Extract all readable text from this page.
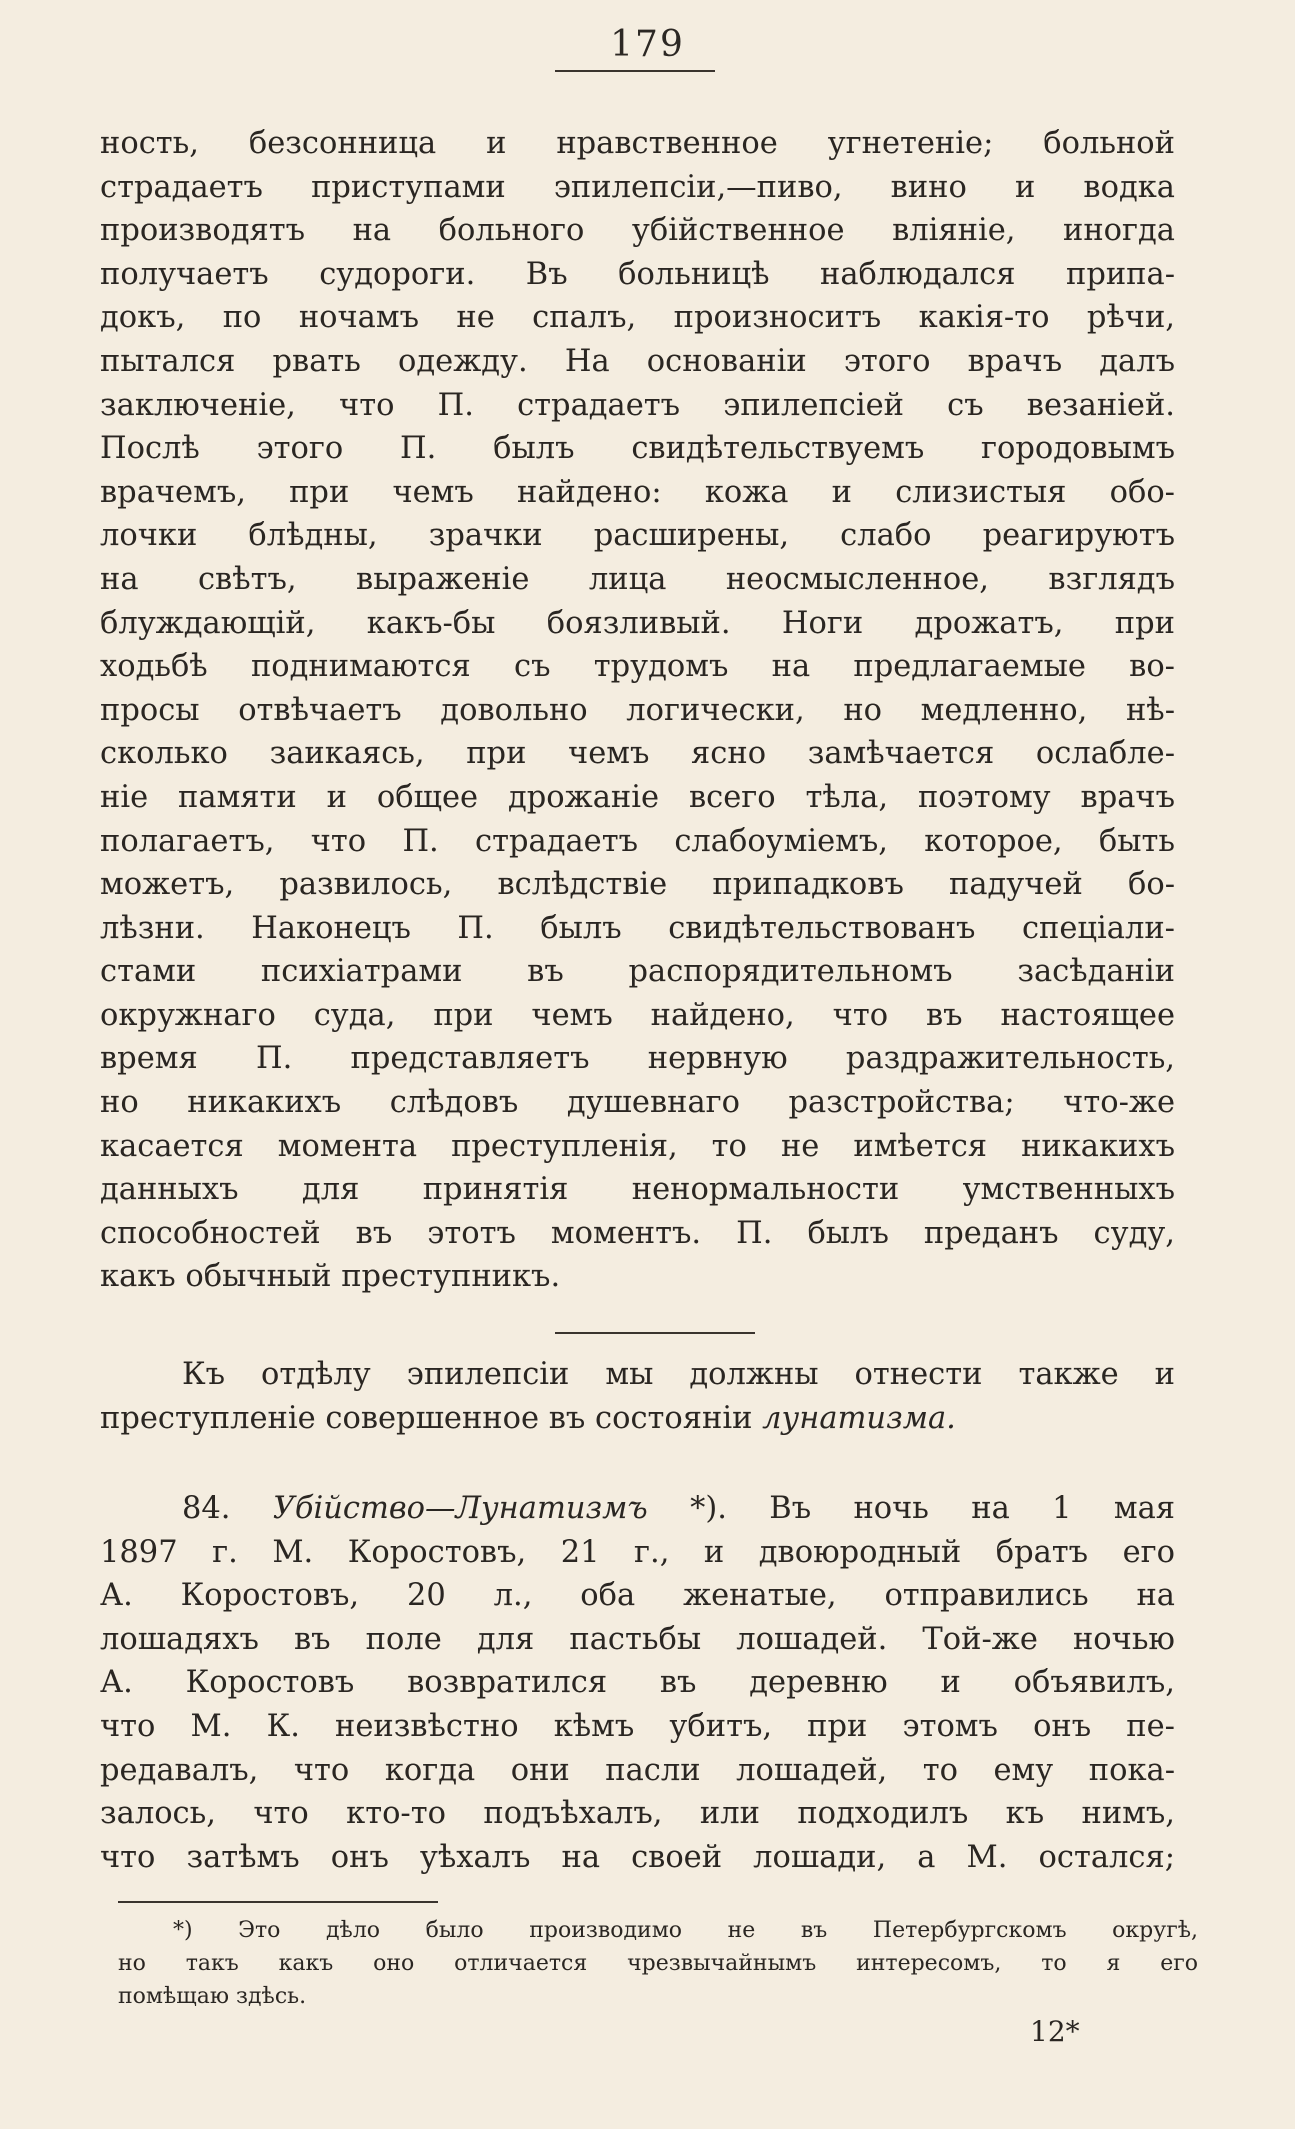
179
ность, безсонница и нравственное угнетеніе; больной
страдаетъ приступами эпилепсіи,—пиво, вино и водка
производятъ на больного убійственное вліяніе, иногда
получаетъ судороги. Въ больницѣ наблюдался припа-
докъ, по ночамъ не спалъ, произноситъ какія-то рѣчи,
пытался рвать одежду. На основаніи этого врачъ далъ
заключеніе, что П. страдаетъ эпилепсіей съ везаніей.
Послѣ этого П. былъ свидѣтельствуемъ городовымъ
врачемъ, при чемъ найдено: кожа и слизистыя обо-
лочки блѣдны, зрачки расширены, слабо реагируютъ
на свѣтъ, выраженіе лица неосмысленное, взглядъ
блуждающій, какъ-бы боязливый. Ноги дрожатъ, при
ходьбѣ поднимаются съ трудомъ на предлагаемые во-
просы отвѣчаетъ довольно логически, но медленно, нѣ-
сколько заикаясь, при чемъ ясно замѣчается ослабле-
ніе памяти и общее дрожаніе всего тѣла, поэтому врачъ
полагаетъ, что П. страдаетъ слабоуміемъ, которое, быть
можетъ, развилось, вслѣдствіе припадковъ падучей бо-
лѣзни. Наконецъ П. былъ свидѣтельствованъ спеціали-
стами психіатрами въ распорядительномъ засѣданіи
окружнаго суда, при чемъ найдено, что въ настоящее
время П. представляетъ нервную раздражительность,
но никакихъ слѣдовъ душевнаго разстройства; что-же
касается момента преступленія, то не имѣется никакихъ
данныхъ для принятія ненормальности умственныхъ
способностей въ этотъ моментъ. П. былъ преданъ суду,
какъ обычный преступникъ.
Къ отдѣлу эпилепсіи мы должны отнести также и
преступленіе совершенное въ состояніи лунатизма.
84. Убійство—Лунатизмъ *). Въ ночь на 1 мая
1897 г. М. Коростовъ, 21 г., и двоюродный братъ его
А. Коростовъ, 20 л., оба женатые, отправились на
лошадяхъ въ поле для пастьбы лошадей. Той-же ночью
А. Коростовъ возвратился въ деревню и объявилъ,
что М. К. неизвѣстно кѣмъ убитъ, при этомъ онъ пе-
редавалъ, что когда они пасли лошадей, то ему пока-
залось, что кто-то подъѣхалъ, или подходилъ къ нимъ,
что затѣмъ онъ уѣхалъ на своей лошади, а М. остался;
*) Это дѣло было производимо не въ Петербургскомъ округѣ,
но такъ какъ оно отличается чрезвычайнымъ интересомъ, то я его
помѣщаю здѣсь.
12*
